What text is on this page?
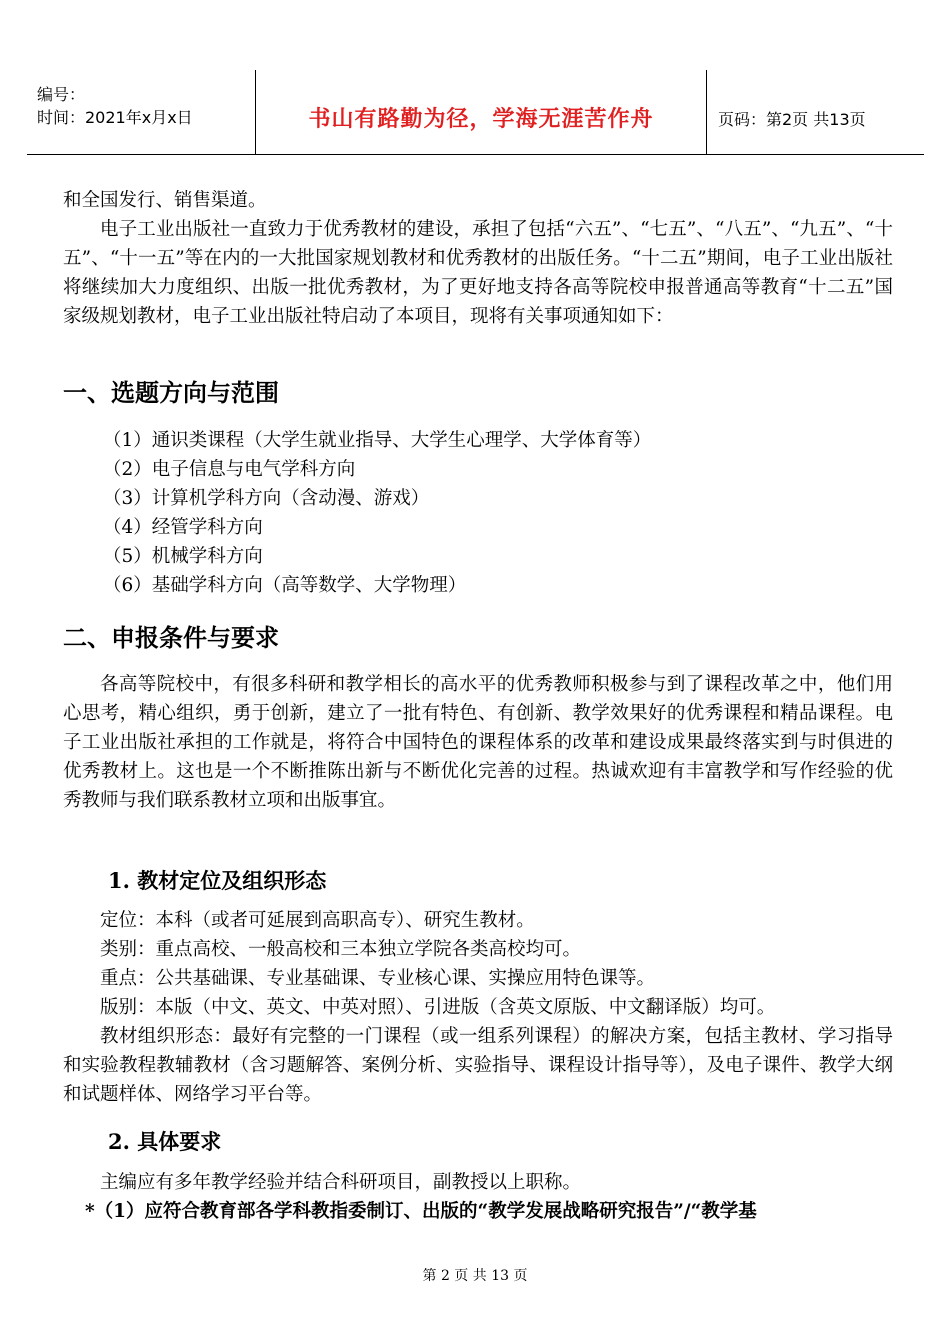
编号：
时间：2021年x月x日	书山有路勤为径，学海无涯苦作舟	页码：第2页 共13页

和全国发行、销售渠道。

电子工业出版社一直致力于优秀教材的建设，承担了包括“六五”、“七五”、“八五”、“九五”、“十五”、“十一五”等在内的一大批国家规划教材和优秀教材的出版任务。“十二五”期间，电子工业出版社将继续加大力度组织、出版一批优秀教材，为了更好地支持各高等院校申报普通高等教育“十二五”国家级规划教材，电子工业出版社特启动了本项目，现将有关事项通知如下：

一、选题方向与范围

（1）通识类课程（大学生就业指导、大学生心理学、大学体育等）

（2）电子信息与电气学科方向

（3）计算机学科方向（含动漫、游戏）

（4）经管学科方向

（5）机械学科方向

（6）基础学科方向（高等数学、大学物理）

二、申报条件与要求

各高等院校中，有很多科研和教学相长的高水平的优秀教师积极参与到了课程改革之中，他们用心思考，精心组织，勇于创新，建立了一批有特色、有创新、教学效果好的优秀课程和精品课程。电子工业出版社承担的工作就是，将符合中国特色的课程体系的改革和建设成果最终落实到与时俱进的优秀教材上。这也是一个不断推陈出新与不断优化完善的过程。热诚欢迎有丰富教学和写作经验的优秀教师与我们联系教材立项和出版事宜。

1. 教材定位及组织形态

定位：本科（或者可延展到高职高专）、研究生教材。

类别：重点高校、一般高校和三本独立学院各类高校均可。

重点：公共基础课、专业基础课、专业核心课、实操应用特色课等。

版别：本版（中文、英文、中英对照）、引进版（含英文原版、中文翻译版）均可。

教材组织形态：最好有完整的一门课程（或一组系列课程）的解决方案，包括主教材、学习指导和实验教程教辅教材（含习题解答、案例分析、实验指导、课程设计指导等），及电子课件、教学大纲和试题样体、网络学习平台等。

2. 具体要求

主编应有多年教学经验并结合科研项目，副教授以上职称。

*（1）应符合教育部各学科教指委制订、出版的“教学发展战略研究报告”/“教学基

第 2 页 共 13 页
